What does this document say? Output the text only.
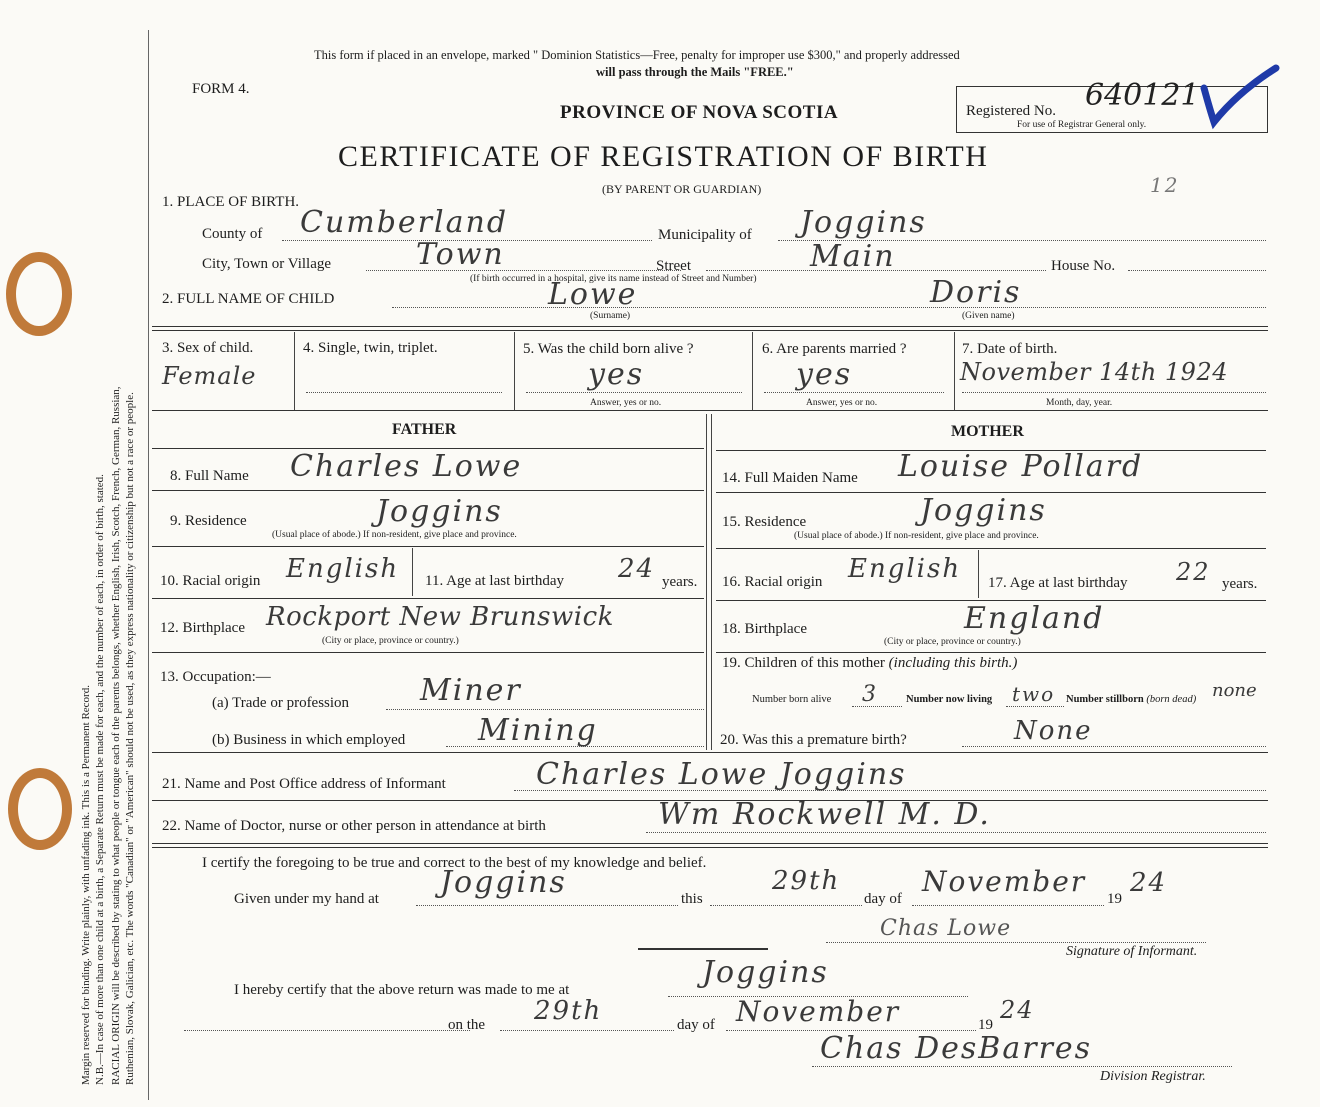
Margin reserved for binding. Write plainly, with unfading ink. This is a Permanent Record. N.B.—In case of more than one child at a birth, a Separate Return must be made for each, and the number of each, in order of birth, stated. RACIAL ORIGIN will be described by stating to what people or tongue each of the parents belongs, whether English, Irish, Scotch, French, German, Russian, Ruthenian, Slovak, Galician, etc. The words "Canadian" or "American" should not be used, as they express nationality or citizenship but not a race or people.
This form if placed in an envelope, marked " Dominion Statistics—Free, penalty for improper use $300," and properly addressed
will pass through the Mails "FREE."
FORM 4.
PROVINCE OF NOVA SCOTIA
CERTIFICATE OF REGISTRATION OF BIRTH
(BY PARENT OR GUARDIAN)
Registered No. 640121
For use of Registrar General only.
12
1. PLACE OF BIRTH.
County of Cumberland	Municipality of Joggins
City, Town or Village	Town	Street	Main	House No.
(If birth occurred in a hospital, give its name instead of Street and Number)
2. FULL NAME OF CHILD	Lowe	Doris
(Surname)	(Given name)
3. Sex of child.
Female
4. Single, twin, triplet.	5. Was the child born alive ?
yes
Answer, yes or no.
6. Are parents married ?
yes
Answer, yes or no.
7. Date of birth.
November 14th 1924
Month, day, year.
FATHER	MOTHER
8. Full Name Charles Lowe
9. Residence	Joggins
(Usual place of abode.) If non-resident, give place and province.
10. Racial origin English 11. Age at last birthday 24 years.
12. Birthplace Rockport New Brunswick
(City or place, province or country.)
13. Occupation:—
(a) Trade or profession Miner
(b) Business in which employed Mining
14. Full Maiden Name Louise Pollard
15. Residence	Joggins
(Usual place of abode.) If non-resident, give place and province.
16. Racial origin English 17. Age at last birthday 22 years.
18. Birthplace	England
(City or place, province or country.)
19. Children of this mother (including this birth.)
Number born alive 3	Number now living two Number stillborn (born dead) none
20. Was this a premature birth?	None
21. Name and Post Office address of Informant	Charles Lowe Joggins
22. Name of Doctor, nurse or other person in attendance at birth	Wm Rockwell M. D.
I certify the foregoing to be true and correct to the best of my knowledge and belief.
Given under my hand at Joggins	this
29th
day of
November
19
24
Chas Lowe
Signature of Informant.
I hereby certify that the above return was made to me at	Joggins
on the 29th	day of November	19
24
Chas DesBarres
Division Registrar.
